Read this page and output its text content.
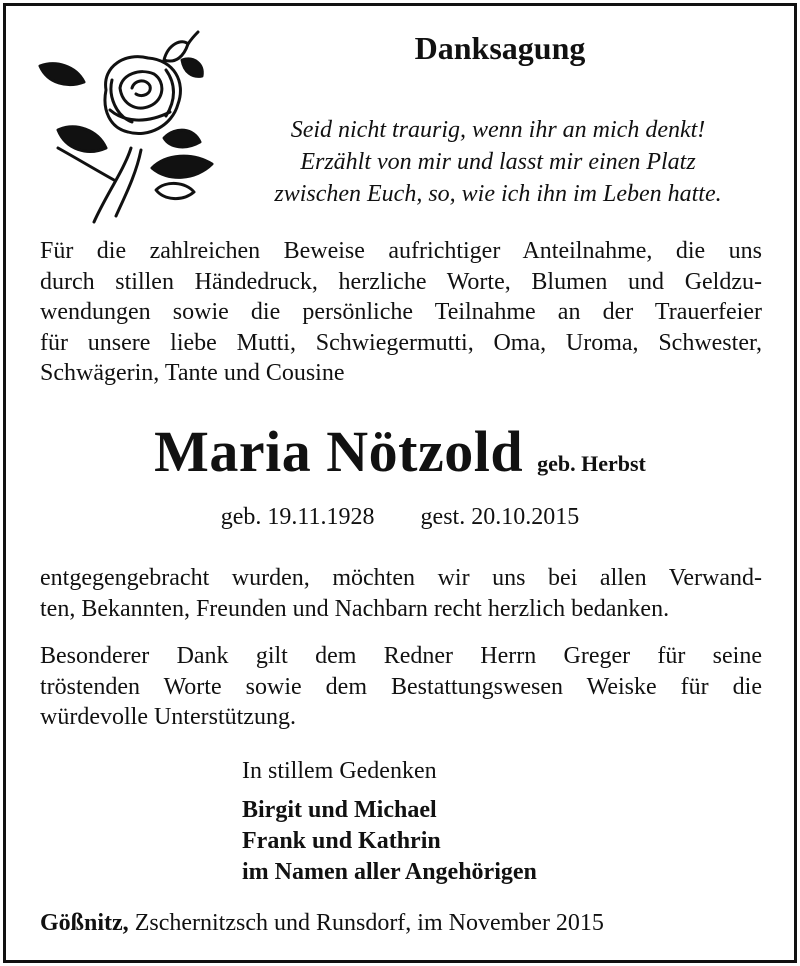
Danksagung
Seid nicht traurig, wenn ihr an mich denkt!
Erzählt von mir und lasst mir einen Platz
zwischen Euch, so, wie ich ihn im Leben hatte.
Für die zahlreichen Beweise aufrichtiger Anteilnahme, die uns
durch stillen Händedruck, herzliche Worte, Blumen und Geldzu-
wendungen sowie die persönliche Teilnahme an der Trauerfeier
für unsere liebe Mutti, Schwiegermutti, Oma, Uroma, Schwester,
Schwägerin, Tante und Cousine
Maria Nötzold geb. Herbst
geb. 19.11.1928 gest. 20.10.2015
entgegengebracht wurden, möchten wir uns bei allen Verwand-
ten, Bekannten, Freunden und Nachbarn recht herzlich bedanken.
Besonderer Dank gilt dem Redner Herrn Greger für seine
tröstenden Worte sowie dem Bestattungswesen Weiske für die
würdevolle Unterstützung.
In stillem Gedenken
Birgit und Michael
Frank und Kathrin
im Namen aller Angehörigen
Gößnitz, Zschernitzsch und Runsdorf, im November 2015
